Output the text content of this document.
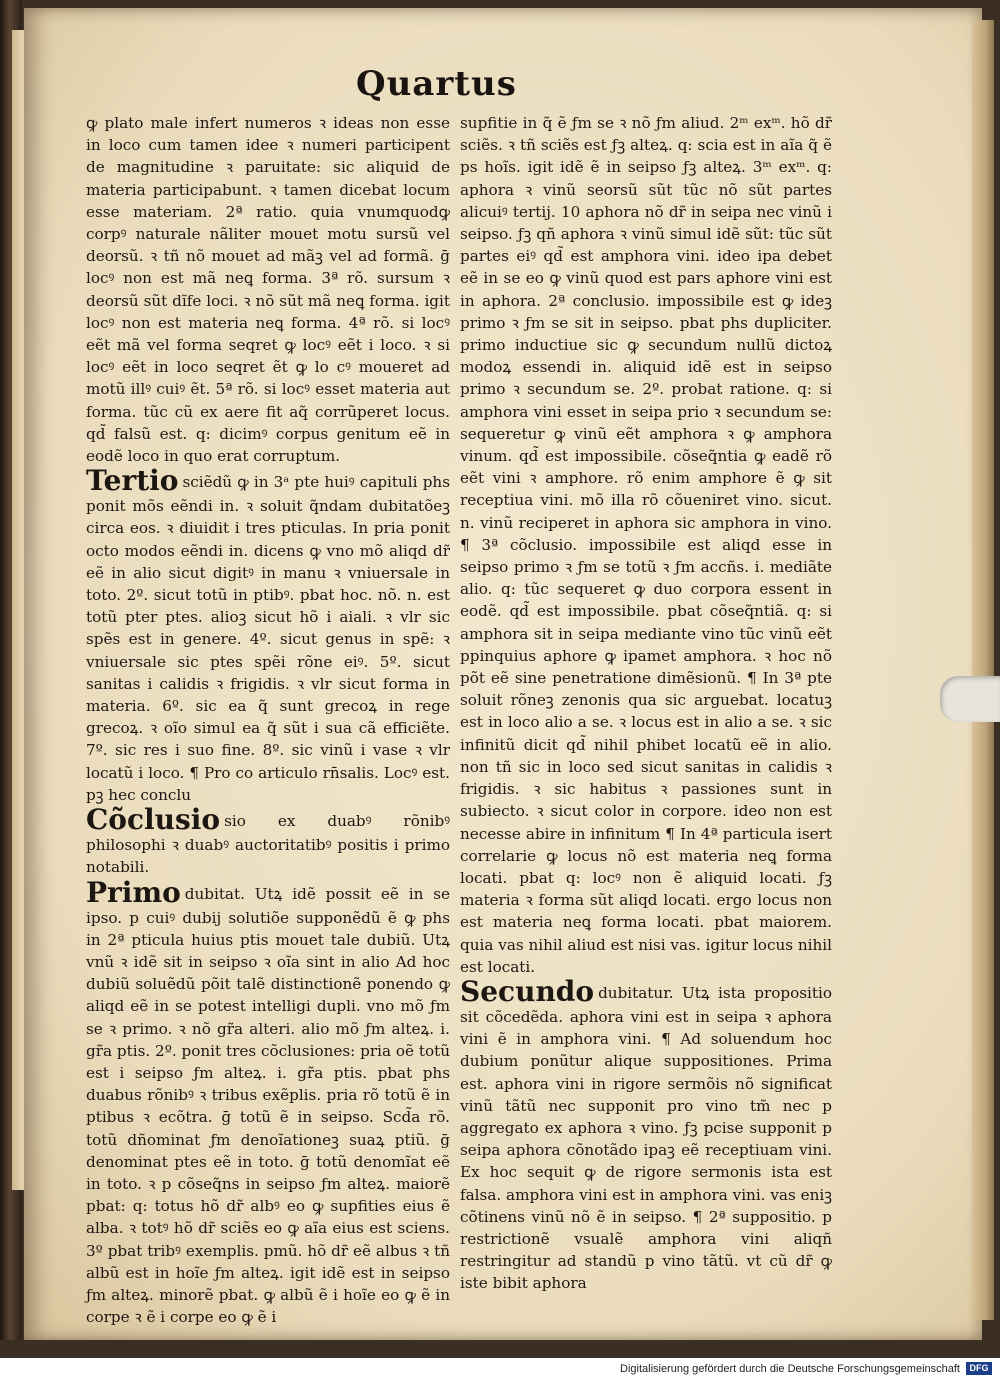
Quartus

ꝙ plato male infert numeros ꝛ ideas non esse in loco cum tamen idee ꝛ numeri participent de magnitudine ꝛ paruitate: sic aliquid de materia participabunt. ꝛ tamen dicebat locum esse materiam. 2ª ratio. quia vnumquodꝙ corpꝰ naturale nãliter mouet motu sursũ vel deorsũ. ꝛ tñ nõ mouet ad mãꝫ vel ad formã. ḡ locꝰ non est mã neꝗ forma. 3ª rõ. sursum ꝛ deorsũ sũt dĩfe loci. ꝛ nõ sũt mã neꝗ forma. igit locꝰ non est materia neꝗ forma. 4ª rõ. si locꝰ eẽt mã vel forma seqret ꝙ locꝰ eẽt i loco. ꝛ si locꝰ eẽt in loco seqret ẽt ꝙ lo cꝰ moueret ad motũ illꝰ cuiꝰ ẽt. 5ª rõ. si locꝰ esset materia aut forma. tũc cũ ex aere fit aq̃ corrũperet locus. qd̃ falsũ est. q: dicimꝰ corpus genitum eẽ in eodẽ loco in quo erat corruptum.

Tertio sciẽdũ ꝙ in 3ᵃ pte huiꝰ capituli phs ponit mõs eẽndi in. ꝛ soluit q̃ndam dubitatõeꝫ circa eos. ꝛ diuidit i tres pticulas. In pria ponit octo modos eẽndi in. dicens ꝙ vno mõ aliqd dr̃ eẽ in alio sicut digitꝰ in manu ꝛ vniuersale in toto. 2º. sicut totũ in ptibꝰ. pbat hoc. nõ. n. est totũ pter ptes. alioꝫ sicut hõ i aiali. ꝛ vlr sic spẽs est in genere. 4º. sicut genus in spẽ: ꝛ vniuersale sic ptes spẽi rõne eiꝰ. 5º. sicut sanitas i calidis ꝛ frigidis. ꝛ vlr sicut forma in materia. 6º. sic ea q̃ sunt grecoꝝ in rege grecoꝝ. ꝛ oĩo simul ea q̃ sũt i sua cã efficiẽte. 7º. sic res i suo fine. 8º. sic vinũ i vase ꝛ vlr locatũ i loco. ¶ Pro co articulo rn̄salis. Locꝰ est. pꝫ hec conclu

Cõclusio sio ex duabꝰ rõnibꝰ philosophi ꝛ duabꝰ auctoritatibꝰ positis i primo notabili.

Primo dubitat. Utꝝ idẽ possit eẽ in se ipso. p cuiꝰ dubij solutiõe supponẽdũ ẽ ꝙ phs in 2ª pticula huius ptis mouet tale dubiũ. Utꝝ vnũ ꝛ idẽ sit in seipso ꝛ oĩa sint in alio Ad hoc dubiũ soluẽdũ põit talẽ distinctionẽ ponendo ꝙ aliqd eẽ in se potest intelligi dupli. vno mõ ƒm se ꝛ primo. ꝛ nõ gr̃a alteri. alio mõ ƒm alteꝝ. i. gr̃a ptis. 2º. ponit tres cõclusiones: pria oẽ totũ est i seipso ƒm alteꝝ. i. gr̃a ptis. pbat phs duabus rõnibꝰ ꝛ tribus exẽplis. pria rõ totũ ẽ in ptibus ꝛ ecõtra. ḡ totũ ẽ in seipso. Scd̃a rõ. totũ dñominat ƒm denoĩationeꝫ suaꝝ ptiũ. ḡ denominat ptes eẽ in toto. ḡ totũ denomĩat eẽ in toto. ꝛ p cõseq̃ns in seipso ƒm alteꝝ. maiorẽ pbat: q: totus hõ dr̃ albꝰ eo ꝙ supfities eius ẽ alba. ꝛ totꝰ hõ dr̃ sciẽs eo ꝙ aĩa eius est sciens. 3º pbat tribꝰ exemplis. pmũ. hõ dr̃ eẽ albus ꝛ tñ albũ est in hoĩe ƒm alteꝝ. igit idẽ est in seipso ƒm alteꝝ. minorẽ pbat. ꝙ albũ ẽ i hoĩe eo ꝙ ẽ in corpe ꝛ ẽ i corpe eo ꝙ ẽ i

supfitie in q̃ ẽ ƒm se ꝛ nõ ƒm aliud. 2ᵐ exᵐ. hõ dr̃ sciẽs. ꝛ tñ sciẽs est ƒꝫ alteꝝ. q: scia est in aĩa q̃ ẽ ps hoĩs. igit idẽ ẽ in seipso ƒꝫ alteꝝ. 3ᵐ exᵐ. q: aphora ꝛ vinũ seorsũ sũt tũc nõ sũt partes alicuiꝰ tertij. 10 aphora nõ dr̃ in seipa nec vinũ i seipso. ƒꝫ qñ aphora ꝛ vinũ simul idẽ sũt: tũc sũt partes eiꝰ qd̃ est amphora vini. ideo ipa debet eẽ in se eo ꝙ vinũ quod est pars aphore vini est in aphora. 2ª conclusio. impossibile est ꝙ ideꝫ primo ꝛ ƒm se sit in seipso. pbat phs dupliciter. primo inductiue sic ꝙ secundum nullũ dictoꝝ modoꝝ essendi in. aliquid idẽ est in seipso primo ꝛ secundum se. 2º. probat ratione. q: si amphora vini esset in seipa prio ꝛ secundum se: sequeretur ꝙ vinũ eẽt amphora ꝛ ꝙ amphora vinum. qd̃ est impossibile. cõseq̃ntia ꝙ eadẽ rõ eẽt vini ꝛ amphore. rõ enim amphore ẽ ꝙ sit receptiua vini. mõ illa rõ cõueniret vino. sicut. n. vinũ reciperet in aphora sic amphora in vino. ¶ 3ª cõclusio. impossibile est aliqd esse in seipso primo ꝛ ƒm se totũ ꝛ ƒm accñs. i. mediãte alio. q: tũc sequeret ꝙ duo corpora essent in eodẽ. qd̃ est impossibile. pbat cõseq̃ntiã. q: si amphora sit in seipa mediante vino tũc vinũ eẽt ppinquius aphore ꝙ ipamet amphora. ꝛ hoc nõ põt eẽ sine penetratione dimẽsionũ. ¶ In 3ª pte soluit rõneꝫ zenonis qua sic arguebat. locatuꝫ est in loco alio a se. ꝛ locus est in alio a se. ꝛ sic infinitũ dicit qd̃ nihil phibet locatũ eẽ in alio. non tñ sic in loco sed sicut sanitas in calidis ꝛ frigidis. ꝛ sic habitus ꝛ passiones sunt in subiecto. ꝛ sicut color in corpore. ideo non est necesse abire in infinitum ¶ In 4ª particula isert correlarie ꝙ locus nõ est materia neꝗ forma locati. pbat q: locꝰ non ẽ aliquid locati. ƒꝫ materia ꝛ forma sũt aliqd locati. ergo locus non est materia neꝗ forma locati. pbat maiorem. quia vas nihil aliud est nisi vas. igitur locus nihil est locati.

Secundo dubitatur. Utꝝ ista propositio sit cõcedẽda. aphora vini est in seipa ꝛ aphora vini ẽ in amphora vini. ¶ Ad soluendum hoc dubium ponũtur alique suppositiones. Prima est. aphora vini in rigore sermõis nõ significat vinũ tãtũ nec supponit pro vino tm̃ nec p aggregato ex aphora ꝛ vino. ƒꝫ pcise supponit p seipa aphora cõnotãdo ipaꝫ eẽ receptiuam vini. Ex hoc sequit ꝙ de rigore sermonis ista est falsa. amphora vini est in amphora vini. vas eniꝫ cõtinens vinũ nõ ẽ in seipso. ¶ 2ª suppositio. p restrictionẽ vsualẽ amphora vini aliqñ restringitur ad standũ p vino tãtũ. vt cũ dr̃ ꝙ iste bibit aphora

Digitalisierung gefördert durch die Deutsche Forschungsgemeinschaft	DFG
